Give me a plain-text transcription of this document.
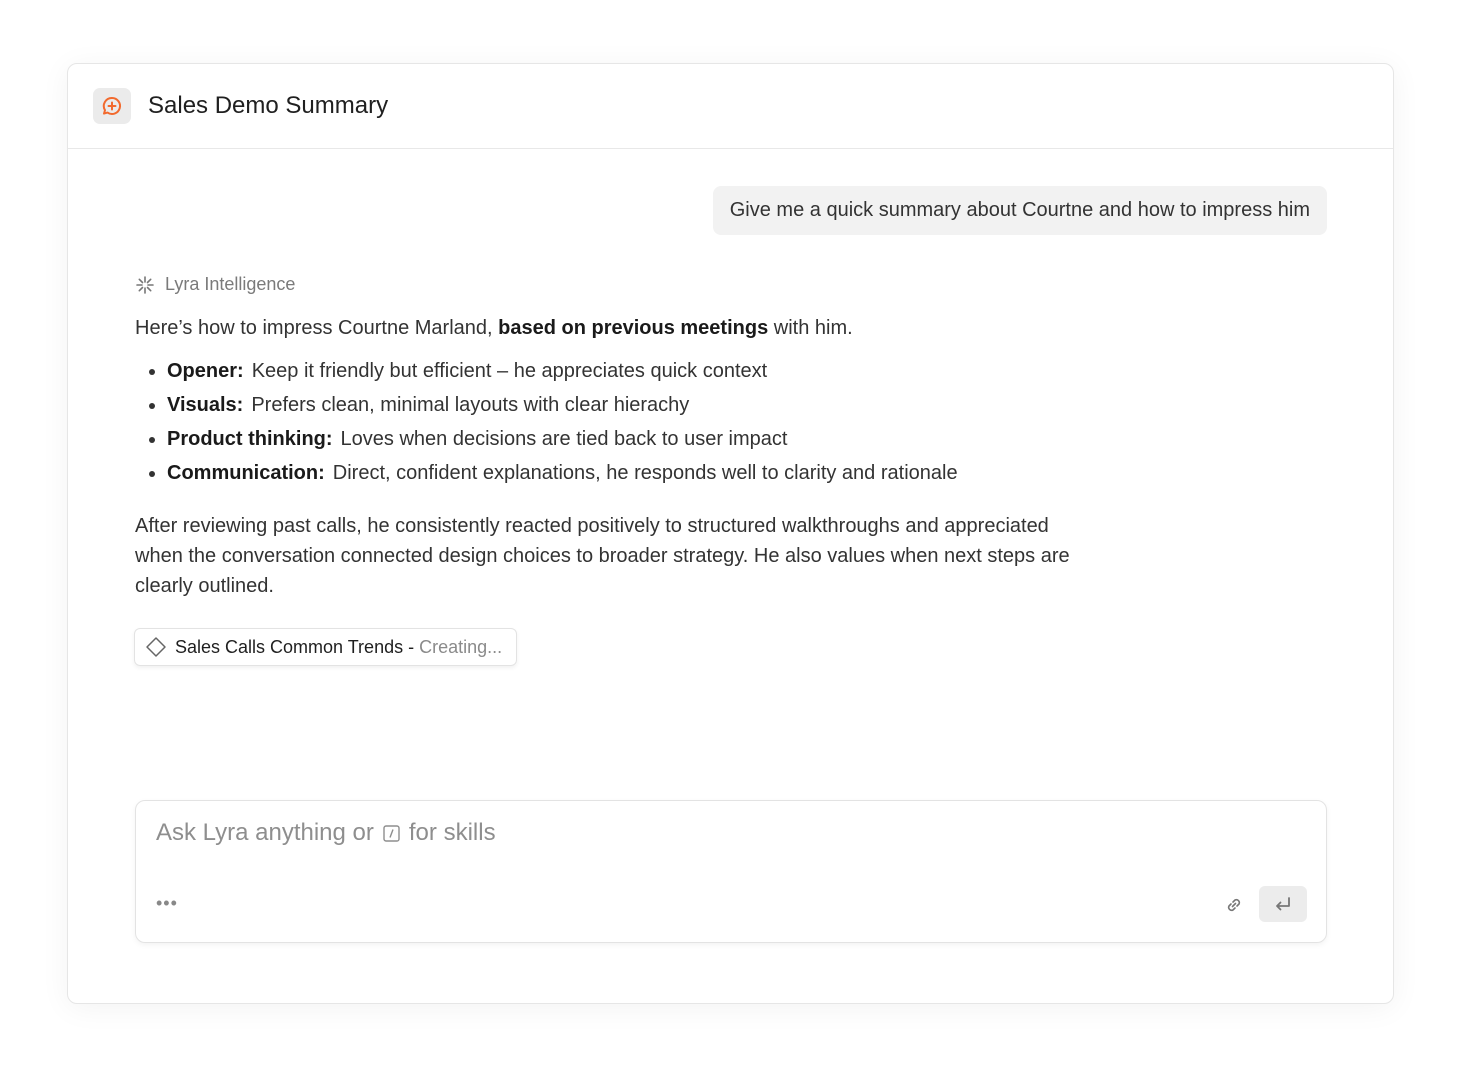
Sales Demo Summary
Give me a quick summary about Courtne and how to impress him
Lyra Intelligence
Here’s how to impress Courtne Marland, based on previous meetings with him.
• Opener: Keep it friendly but efficient – he appreciates quick context
• Visuals: Prefers clean, minimal layouts with clear hierachy
• Product thinking: Loves when decisions are tied back to user impact
• Communication: Direct, confident explanations, he responds well to clarity and rationale
After reviewing past calls, he consistently reacted positively to structured walkthroughs and appreciated when the conversation connected design choices to broader strategy. He also values when next steps are clearly outlined.
Sales Calls Common Trends - Creating...
Ask Lyra anything or for skills
•••
